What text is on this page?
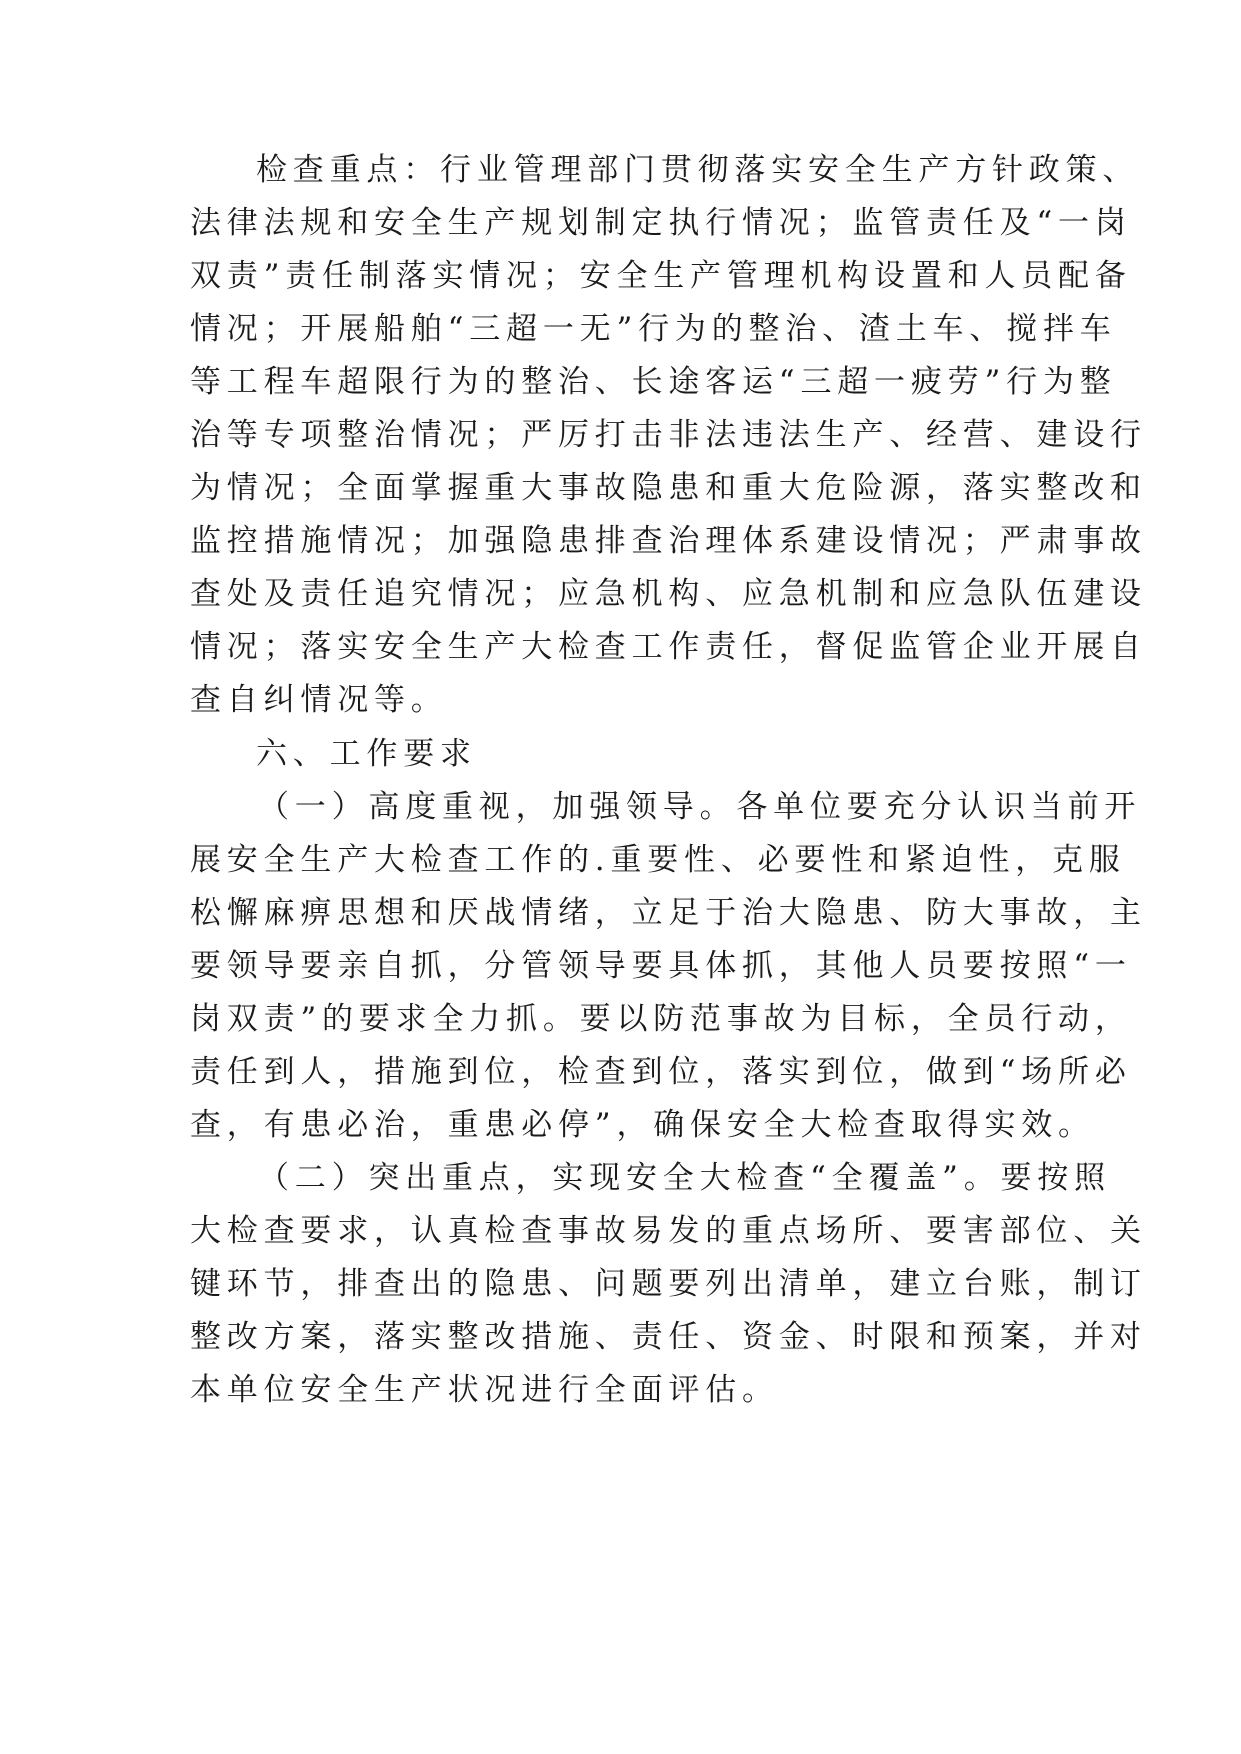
检查重点：行业管理部门贯彻落实安全生产方针政策、
法律法规和安全生产规划制定执行情况；监管责任及“一岗
双责”责任制落实情况；安全生产管理机构设置和人员配备
情况；开展船舶“三超一无”行为的整治、渣土车、搅拌车
等工程车超限行为的整治、长途客运“三超一疲劳”行为整
治等专项整治情况；严厉打击非法违法生产、经营、建设行
为情况；全面掌握重大事故隐患和重大危险源，落实整改和
监控措施情况；加强隐患排查治理体系建设情况；严肃事故
查处及责任追究情况；应急机构、应急机制和应急队伍建设
情况；落实安全生产大检查工作责任，督促监管企业开展自
查自纠情况等。
六、工作要求
（一）高度重视，加强领导。各单位要充分认识当前开
展安全生产大检查工作的.重要性、必要性和紧迫性，克服
松懈麻痹思想和厌战情绪，立足于治大隐患、防大事故，主
要领导要亲自抓，分管领导要具体抓，其他人员要按照“一
岗双责”的要求全力抓。要以防范事故为目标，全员行动，
责任到人，措施到位，检查到位，落实到位，做到“场所必
查，有患必治，重患必停”，确保安全大检查取得实效。
（二）突出重点，实现安全大检查“全覆盖”。要按照
大检查要求，认真检查事故易发的重点场所、要害部位、关
键环节，排查出的隐患、问题要列出清单，建立台账，制订
整改方案，落实整改措施、责任、资金、时限和预案，并对
本单位安全生产状况进行全面评估。
